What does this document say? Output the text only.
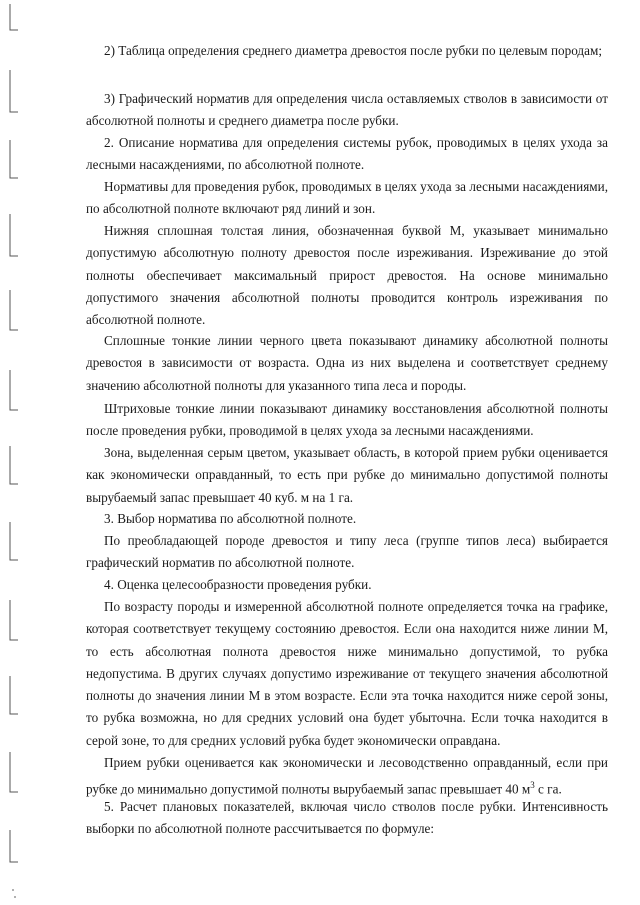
2) Таблица определения среднего диаметра древостоя после рубки по целевым породам;
3) Графический норматив для определения числа оставляемых стволов в зависимости от абсолютной полноты и среднего диаметра после рубки.
2. Описание норматива для определения системы рубок, проводимых в целях ухода за лесными насаждениями, по абсолютной полноте.
Нормативы для проведения рубок, проводимых в целях ухода за лесными насаждениями, по абсолютной полноте включают ряд линий и зон.
Нижняя сплошная толстая линия, обозначенная буквой М, указывает минимально допустимую абсолютную полноту древостоя после изреживания. Изреживание до этой полноты обеспечивает максимальный прирост древостоя. На основе минимально допустимого значения абсолютной полноты проводится контроль изреживания по абсолютной полноте.
Сплошные тонкие линии черного цвета показывают динамику абсолютной полноты древостоя в зависимости от возраста. Одна из них выделена и соответствует среднему значению абсолютной полноты для указанного типа леса и породы.
Штриховые тонкие линии показывают динамику восстановления абсолютной полноты после проведения рубки, проводимой в целях ухода за лесными насаждениями.
Зона, выделенная серым цветом, указывает область, в которой прием рубки оценивается как экономически оправданный, то есть при рубке до минимально допустимой полноты вырубаемый запас превышает 40 куб. м на 1 га.
3. Выбор норматива по абсолютной полноте.
По преобладающей породе древостоя и типу леса (группе типов леса) выбирается графический норматив по абсолютной полноте.
4. Оценка целесообразности проведения рубки.
По возрасту породы и измеренной абсолютной полноте определяется точка на графике, которая соответствует текущему состоянию древостоя. Если она находится ниже линии М, то есть абсолютная полнота древостоя ниже минимально допустимой, то рубка недопустима. В других случаях допустимо изреживание от текущего значения абсолютной полноты до значения линии М в этом возрасте. Если эта точка находится ниже серой зоны, то рубка возможна, но для средних условий она будет убыточна. Если точка находится в серой зоне, то для средних условий рубка будет экономически оправдана.
Прием рубки оценивается как экономически и лесоводственно оправданный, если при рубке до минимально допустимой полноты вырубаемый запас превышает 40 $м^3$ с га.
5. Расчет плановых показателей, включая число стволов после рубки. Интенсивность выборки по абсолютной полноте рассчитывается по формуле:
